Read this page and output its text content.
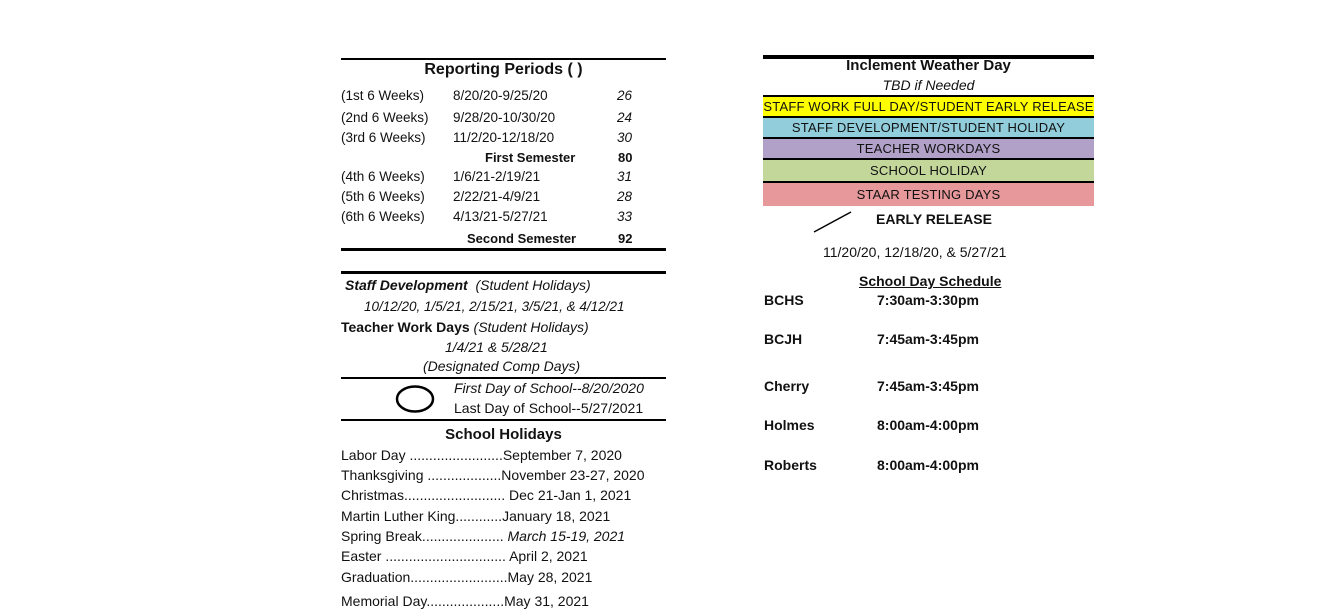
Reporting Periods ( )
(1st 6 Weeks) 8/20/20-9/25/20	26
(2nd 6 Weeks) 9/28/20-10/30/20	24
(3rd 6 Weeks) 11/2/20-12/18/20	30
First Semester	80
(4th 6 Weeks) 1/6/21-2/19/21	31
(5th 6 Weeks) 2/22/21-4/9/21	28
(6th 6 Weeks) 4/13/21-5/27/21	33
Second Semester	92
Staff Development (Student Holidays)
10/12/20, 1/5/21, 2/15/21, 3/5/21, & 4/12/21
Teacher Work Days (Student Holidays)
1/4/21 & 5/28/21
(Designated Comp Days)
First Day of School--8/20/2020
Last Day of School--5/27/2021
School Holidays
Labor Day ........................September 7, 2020
Thanksgiving ...................November 23-27, 2020
Christmas.......................... Dec 21-Jan 1, 2021
Martin Luther King............January 18, 2021
Spring Break..................... March 15-19, 2021
Easter ............................... April 2, 2021
Graduation.........................May 28, 2021
Memorial Day....................May 31, 2021
Inclement Weather Day
TBD if Needed
STAFF WORK FULL DAY/STUDENT EARLY RELEASE
STAFF DEVELOPMENT/STUDENT HOLIDAY
TEACHER WORKDAYS
SCHOOL HOLIDAY
STAAR TESTING DAYS
EARLY RELEASE
11/20/20, 12/18/20, & 5/27/21
School Day Schedule
BCHS	7:30am-3:30pm
BCJH	7:45am-3:45pm
Cherry	7:45am-3:45pm
Holmes	8:00am-4:00pm
Roberts	8:00am-4:00pm
